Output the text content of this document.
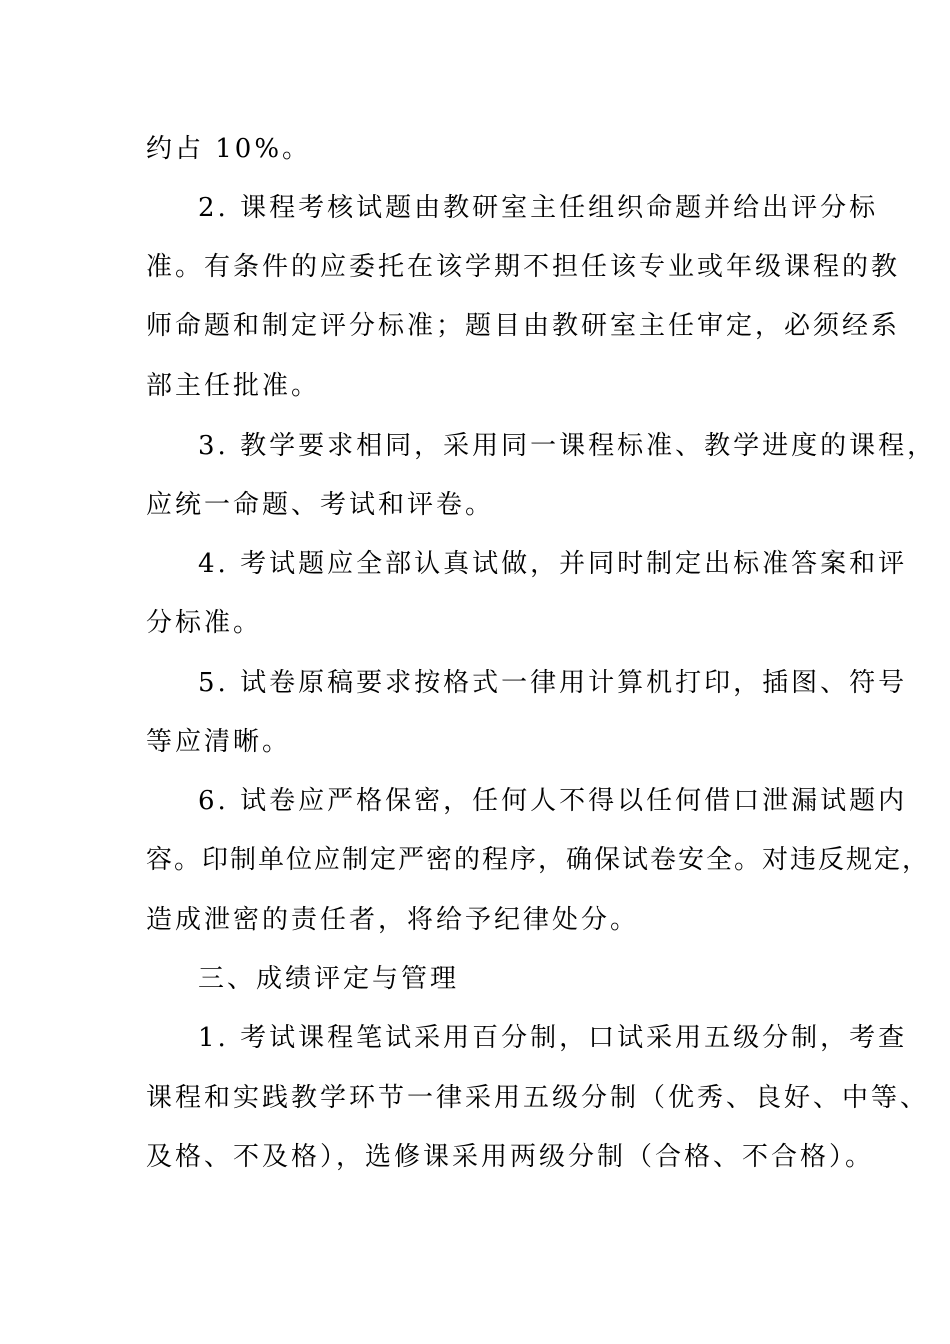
约占 10%。
2. 课程考核试题由教研室主任组织命题并给出评分标
准。有条件的应委托在该学期不担任该专业或年级课程的教
师命题和制定评分标准；题目由教研室主任审定，必须经系
部主任批准。
3. 教学要求相同，采用同一课程标准、教学进度的课程，
应统一命题、考试和评卷。
4. 考试题应全部认真试做，并同时制定出标准答案和评
分标准。
5. 试卷原稿要求按格式一律用计算机打印，插图、符号
等应清晰。
6. 试卷应严格保密，任何人不得以任何借口泄漏试题内
容。印制单位应制定严密的程序，确保试卷安全。对违反规定，
造成泄密的责任者，将给予纪律处分。
三、成绩评定与管理
1. 考试课程笔试采用百分制，口试采用五级分制，考查
课程和实践教学环节一律采用五级分制（优秀、良好、中等、
及格、不及格），选修课采用两级分制（合格、不合格）。
